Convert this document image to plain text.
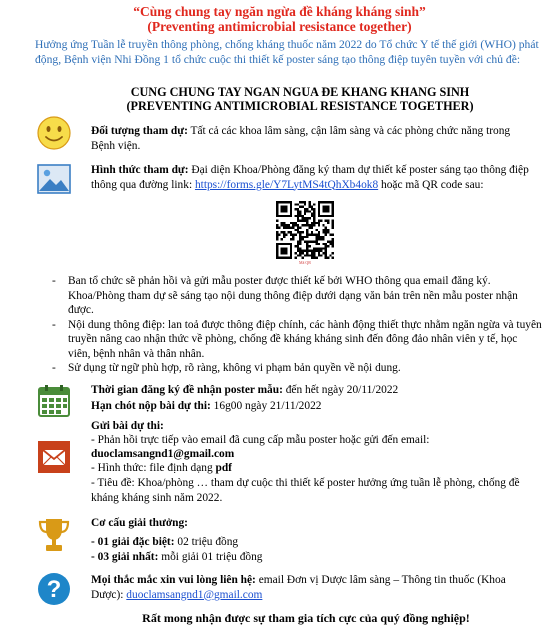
“Cùng chung tay ngăn ngừa đề kháng kháng sinh”
(Preventing antimicrobial resistance together)
Hưởng ứng Tuần lễ truyền thông phòng, chống kháng thuốc năm 2022 do Tổ chức Y tế thế giới (WHO) phát động, Bệnh viện Nhi Đồng 1 tổ chức cuộc thi thiết kế poster sáng tạo thông điệp tuyên tuyền với chủ đề:
CUNG CHUNG TAY NGAN NGUA ĐE KHANG KHANG SINH
(PREVENTING ANTIMICROBIAL RESISTANCE TOGETHER)
Đối tượng tham dự: Tất cả các khoa lâm sàng, cận lâm sàng và các phòng chức năng trong Bệnh viện.
Hình thức tham dự: Đại diện Khoa/Phòng đăng ký tham dự thiết kế poster sáng tạo thông điệp thông qua đường link: https://forms.gle/Y7LytMS4tQhXb4ok8 hoặc mã QR code sau:
Mã QR
- Ban tổ chức sẽ phản hồi và gửi mẫu poster được thiết kế bởi WHO thông qua email đăng ký. Khoa/Phòng tham dự sẽ sáng tạo nội dung thông điệp dưới dạng văn bản trên nền mẫu poster nhận được.
- Nội dung thông điệp: lan toả được thông điệp chính, các hành động thiết thực nhằm ngăn ngừa và tuyên truyền nâng cao nhận thức về phòng, chống đề kháng kháng sinh đến đông đảo nhân viên y tế, học viên, bệnh nhân và thân nhân.
- Sử dụng từ ngữ phù hợp, rõ ràng, không vi phạm bản quyền về nội dung.
Thời gian đăng ký đề nhận poster mẫu: đến hết ngày 20/11/2022
Hạn chót nộp bài dự thi: 16g00 ngày 21/11/2022
Gửi bài dự thi:
- Phản hồi trực tiếp vào email đã cung cấp mẫu poster hoặc gửi đến email:
duoclamsangnd1@gmail.com
- Hình thức: file định dạng pdf
- Tiêu đề: Khoa/phòng … tham dự cuộc thi thiết kế poster hưởng ứng tuần lễ phòng, chống đề kháng kháng sinh năm 2022.
Cơ cấu giải thưởng:
- 01 giải đặc biệt: 02 triệu đồng
- 03 giải nhất: mỗi giải 01 triệu đồng
?	Mọi thắc mắc xin vui lòng liên hệ: email Đơn vị Dược lâm sàng – Thông tin thuốc (Khoa Dược): duoclamsangnd1@gmail.com
Rất mong nhận được sự tham gia tích cực của quý đồng nghiệp!
